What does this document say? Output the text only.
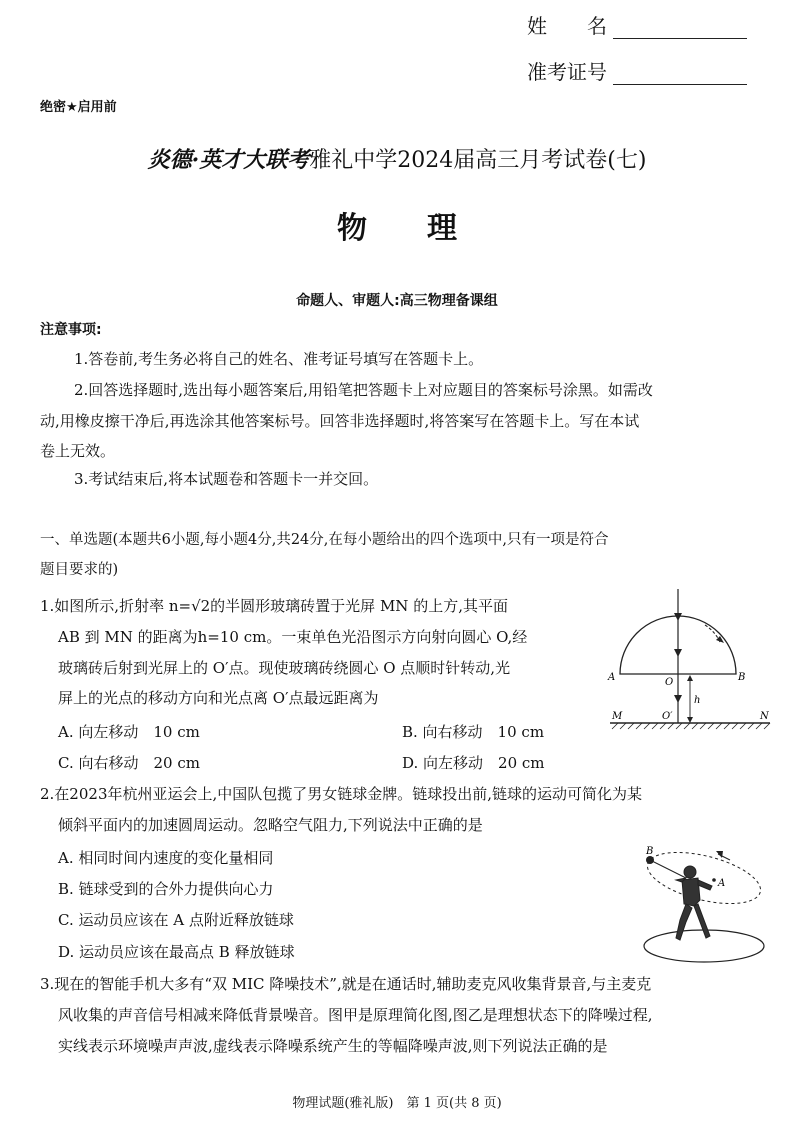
姓　　名
准考证号
绝密★启用前
炎德·英才大联考雅礼中学2024届高三月考试卷(七)
物　　理
命题人、审题人:高三物理备课组
注意事项:
1.答卷前,考生务必将自己的姓名、准考证号填写在答题卡上。
2.回答选择题时,选出每小题答案后,用铅笔把答题卡上对应题目的答案标号涂黑。如需改
动,用橡皮擦干净后,再选涂其他答案标号。回答非选择题时,将答案写在答题卡上。写在本试
卷上无效。
3.考试结束后,将本试题卷和答题卡一并交回。
一、单选题(本题共6小题,每小题4分,共24分,在每小题给出的四个选项中,只有一项是符合
题目要求的)
1.如图所示,折射率 n=√2的半圆形玻璃砖置于光屏 MN 的上方,其平面
AB 到 MN 的距离为h=10 cm。一束单色光沿图示方向射向圆心 O,经
玻璃砖后射到光屏上的 O′点。现使玻璃砖绕圆心 O 点顺时针转动,光
屏上的光点的移动方向和光点离 O′点最远距离为
A. 向左移动　10 cm	B. 向右移动　10 cm
C. 向右移动　20 cm	D. 向左移动　20 cm
A	B
O
h
M	O′	N
2.在2023年杭州亚运会上,中国队包揽了男女链球金牌。链球投出前,链球的运动可简化为某
倾斜平面内的加速圆周运动。忽略空气阻力,下列说法中正确的是
A. 相同时间内速度的变化量相同
B. 链球受到的合外力提供向心力
C. 运动员应该在 A 点附近释放链球
D. 运动员应该在最高点 B 释放链球
B
A
3.现在的智能手机大多有“双 MIC 降噪技术”,就是在通话时,辅助麦克风收集背景音,与主麦克
风收集的声音信号相减来降低背景噪音。图甲是原理简化图,图乙是理想状态下的降噪过程,
实线表示环境噪声声波,虚线表示降噪系统产生的等幅降噪声波,则下列说法正确的是
物理试题(雅礼版)　第 1 页(共 8 页)
